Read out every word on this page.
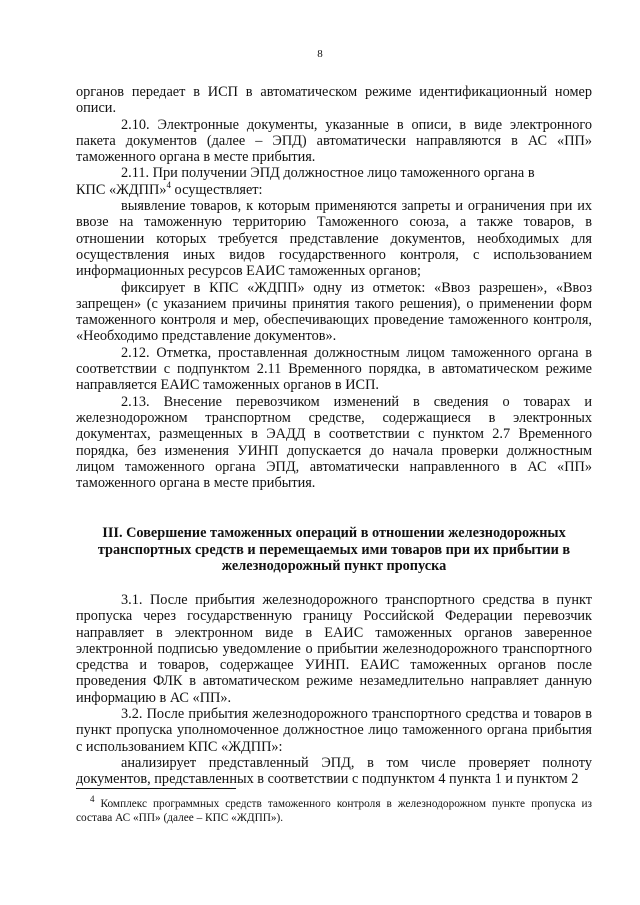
8

органов передает в ИСП в автоматическом режиме идентификационный номер описи.

2.10. Электронные документы, указанные в описи, в виде электронного пакета документов (далее – ЭПД) автоматически направляются в АС «ПП» таможенного органа в месте прибытия.

2.11. При получении ЭПД должностное лицо таможенного органа в
КПС «ЖДПП»$^4$ осуществляет:

выявление товаров, к которым применяются запреты и ограничения при их ввозе на таможенную территорию Таможенного союза, а также товаров, в отношении которых требуется представление документов, необходимых для осуществления иных видов государственного контроля, с использованием информационных ресурсов ЕАИС таможенных органов;

фиксирует в КПС «ЖДПП» одну из отметок: «Ввоз разрешен», «Ввоз запрещен» (с указанием причины принятия такого решения), о применении форм таможенного контроля и мер, обеспечивающих проведение таможенного контроля, «Необходимо представление документов».

2.12. Отметка, проставленная должностным лицом таможенного органа в соответствии с подпунктом 2.11 Временного порядка, в автоматическом режиме направляется ЕАИС таможенных органов в ИСП.

2.13. Внесение перевозчиком изменений в сведения о товарах и железнодорожном транспортном средстве, содержащиеся в электронных документах, размещенных в ЭАДД в соответствии с пунктом 2.7 Временного порядка, без изменения УИНП допускается до начала проверки должностным лицом таможенного органа ЭПД, автоматически направленного в АС «ПП» таможенного органа в месте прибытия.

III. Совершение таможенных операций в отношении железнодорожных транспортных средств и перемещаемых ими товаров при их прибытии в железнодорожный пункт пропуска

3.1. После прибытия железнодорожного транспортного средства в пункт пропуска через государственную границу Российской Федерации перевозчик направляет в электронном виде в ЕАИС таможенных органов заверенное электронной подписью уведомление о прибытии железнодорожного транспортного средства и товаров, содержащее УИНП. ЕАИС таможенных органов после проведения ФЛК в автоматическом режиме незамедлительно направляет данную информацию в АС «ПП».

3.2. После прибытия железнодорожного транспортного средства и товаров в пункт пропуска уполномоченное должностное лицо таможенного органа прибытия с использованием КПС «ЖДПП»:

анализирует представленный ЭПД, в том числе проверяет полноту документов, представленных в соответствии с подпунктом 4 пункта 1 и пунктом 2

$^4$ Комплекс программных средств таможенного контроля в железнодорожном пункте пропуска из состава АС «ПП» (далее – КПС «ЖДПП»).
